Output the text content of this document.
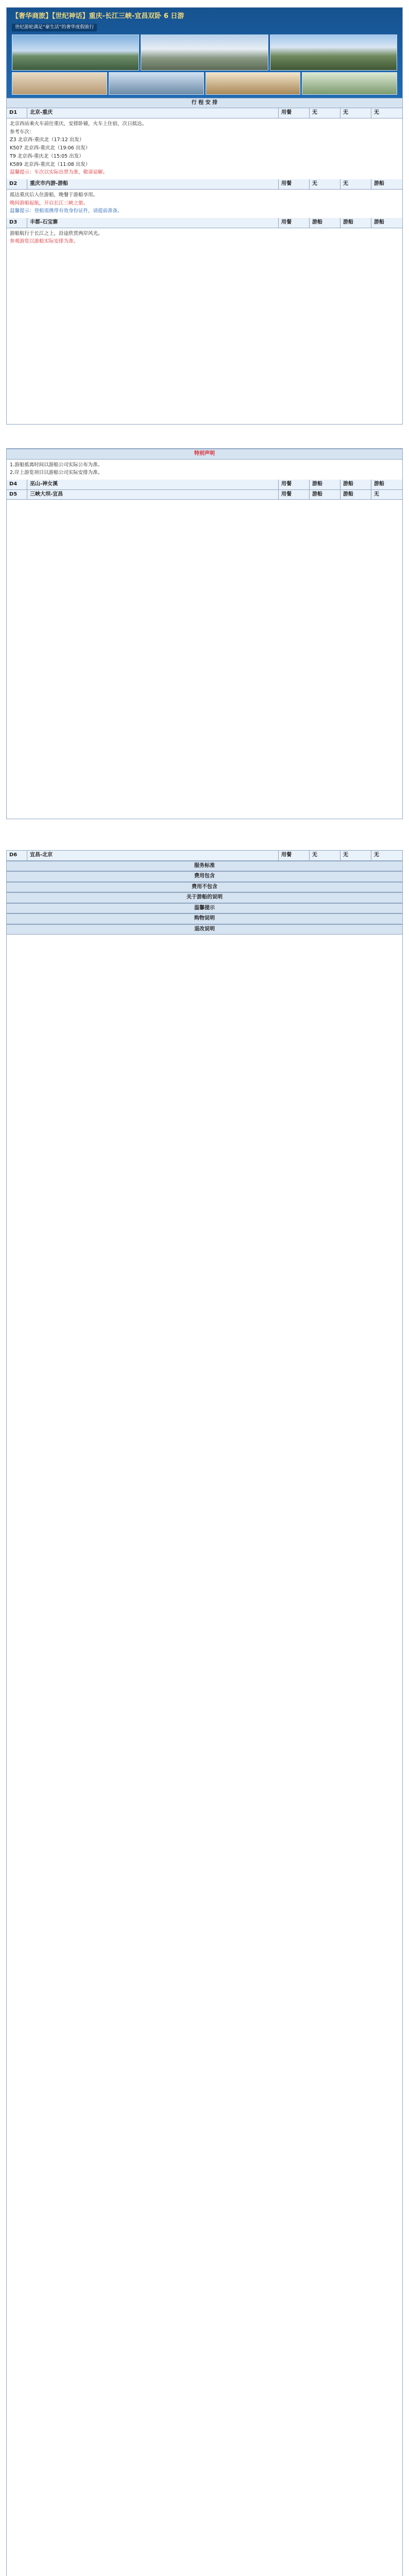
【奢华商旅】【世纪神话】重庆-长江三峡-宜昌双卧 6 日游
世纪游轮满足“豪生活”的奢华度假旅行
行 程 安 排
D1	北京-重庆	用餐	无	无	无

北京西站乘火车前往重庆，安排卧铺，火车上住宿，次日抵达。

参考车次：

Z3 北京西-重庆北（17:12 出发）

K507 北京西-重庆北（19:06 出发）

T9 北京西-重庆北（15:05 出发）

K589 北京西-重庆北（11:08 出发）

温馨提示：车次以实际出票为准，敬请谅解。

D2	重庆市内游-游船	用餐	无	无	游船

抵达重庆后入住游船，晚餐于游船享用。

晚间游船起航，开启长江三峡之旅。

温馨提示：登船需携带有效身份证件，请提前准备。

D3	丰都-石宝寨	用餐	游船	游船	游船

游船航行于长江之上，沿途欣赏两岸风光。

参观游览以游船实际安排为准。

特别声明

1.游船抵离时间以游船公司实际公布为准。

2.岸上游览项目以游船公司实际安排为准。

D4	巫山-神女溪	用餐	游船	游船	游船
D5	三峡大坝-宜昌	用餐	游船	游船	无
D6	宜昌-北京	用餐	无	无	无
服务标准
费用包含
费用不包含
关于游船的说明
温馨提示
购物说明
退改说明
